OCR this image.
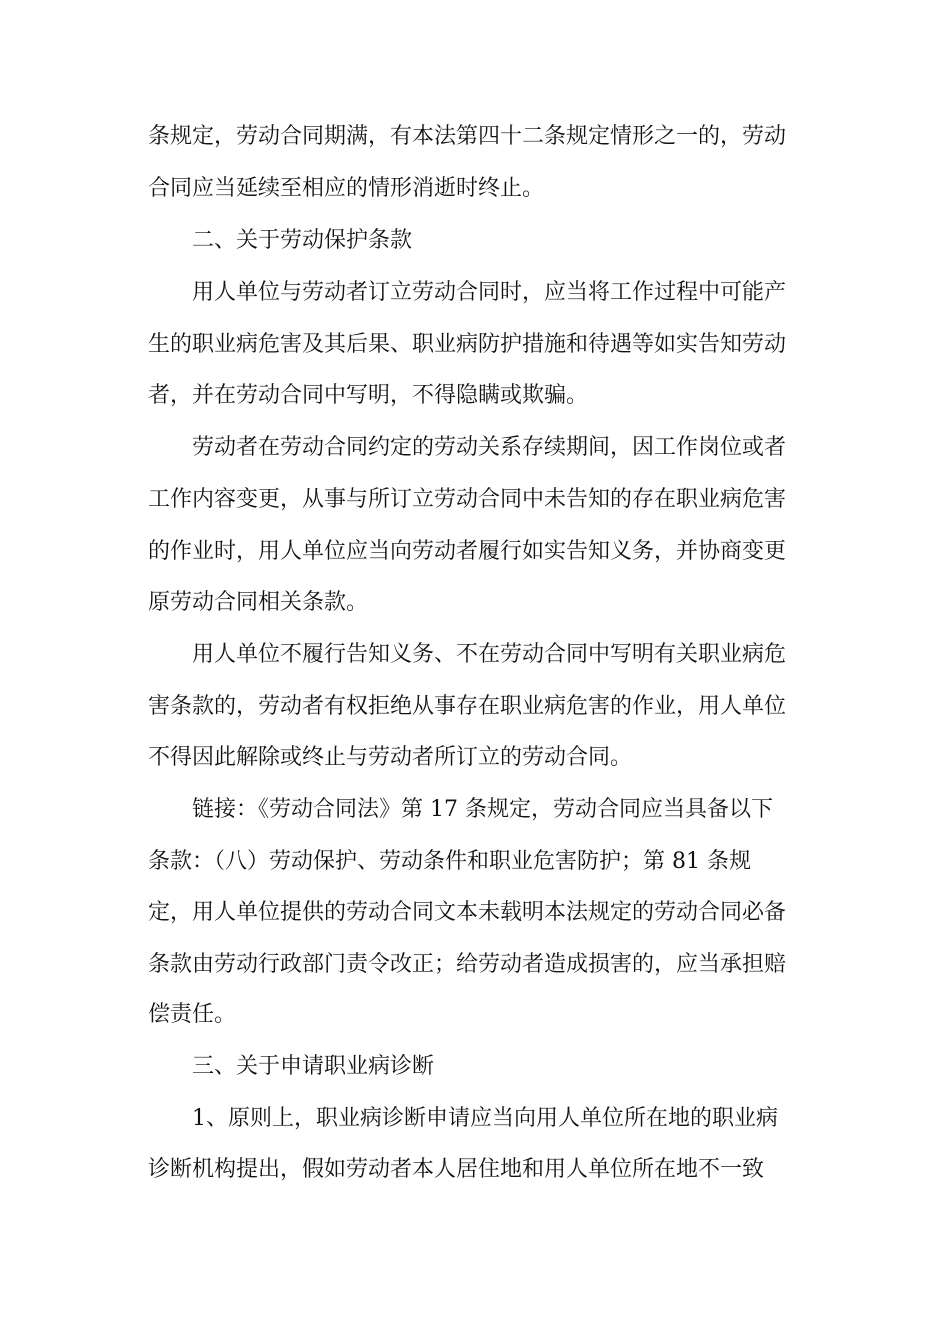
条规定，劳动合同期满，有本法第四十二条规定情形之一的，劳动
合同应当延续至相应的情形消逝时终止。
二、关于劳动保护条款
用人单位与劳动者订立劳动合同时，应当将工作过程中可能产
生的职业病危害及其后果、职业病防护措施和待遇等如实告知劳动
者，并在劳动合同中写明，不得隐瞒或欺骗。
劳动者在劳动合同约定的劳动关系存续期间，因工作岗位或者
工作内容变更，从事与所订立劳动合同中未告知的存在职业病危害
的作业时，用人单位应当向劳动者履行如实告知义务，并协商变更
原劳动合同相关条款。
用人单位不履行告知义务、不在劳动合同中写明有关职业病危
害条款的，劳动者有权拒绝从事存在职业病危害的作业，用人单位
不得因此解除或终止与劳动者所订立的劳动合同。
链接：《劳动合同法》第 17 条规定，劳动合同应当具备以下
条款：（八）劳动保护、劳动条件和职业危害防护；第 81 条规
定，用人单位提供的劳动合同文本未载明本法规定的劳动合同必备
条款由劳动行政部门责令改正；给劳动者造成损害的，应当承担赔
偿责任。
三、关于申请职业病诊断
1、原则上，职业病诊断申请应当向用人单位所在地的职业病
诊断机构提出，假如劳动者本人居住地和用人单位所在地不一致
